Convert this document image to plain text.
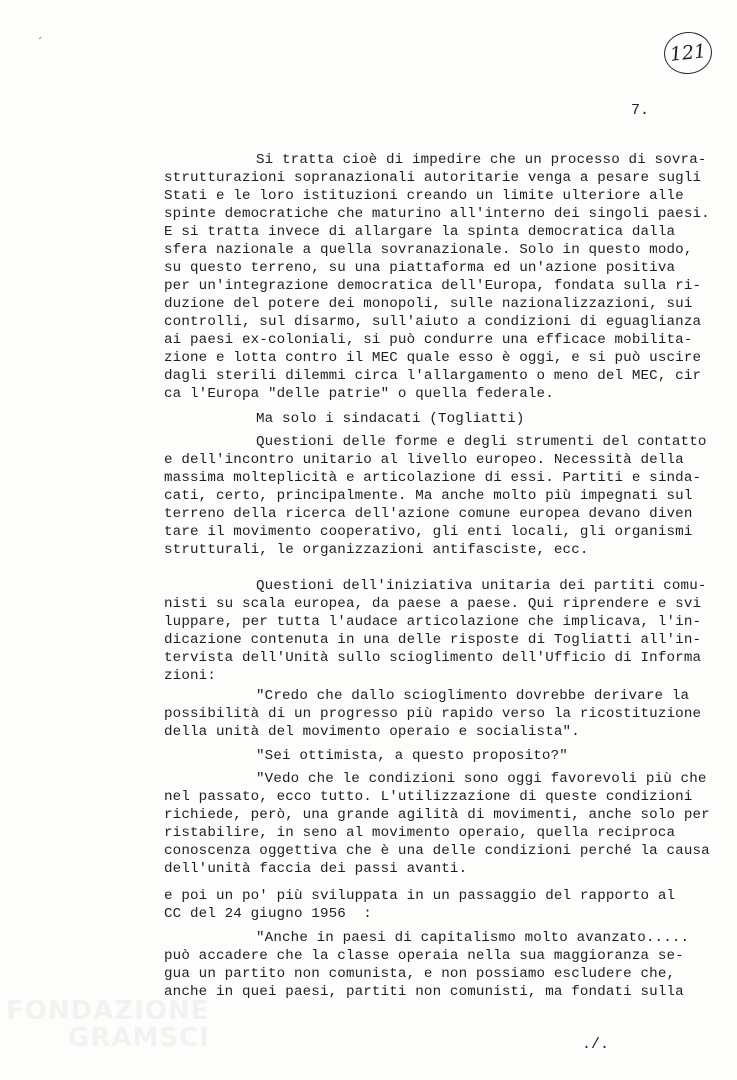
´	121
7.
Si tratta cioè di impedire che un processo di sovra-
strutturazioni sopranazionali autoritarie venga a pesare sugli
Stati e le loro istituzioni creando un limite ulteriore alle
spinte democratiche che maturino all'interno dei singoli paesi.
E si tratta invece di allargare la spinta democratica dalla
sfera nazionale a quella sovranazionale. Solo in questo modo,
su questo terreno, su una piattaforma ed un'azione positiva
per un'integrazione democratica dell'Europa, fondata sulla ri-
duzione del potere dei monopoli, sulle nazionalizzazioni, sui
controlli, sul disarmo, sull'aiuto a condizioni di eguaglianza
ai paesi ex-coloniali, si può condurre una efficace mobilita-
zione e lotta contro il MEC quale esso è oggi, e si può uscire
dagli sterili dilemmi circa l'allargamento o meno del MEC, cir
ca l'Europa "delle patrie" o quella federale.
Ma solo i sindacati (Togliatti)
Questioni delle forme e degli strumenti del contatto
e dell'incontro unitario al livello europeo. Necessità della
massima molteplicità e articolazione di essi. Partiti e sinda-
cati, certo, principalmente. Ma anche molto più impegnati sul
terreno della ricerca dell'azione comune europea devano diven
tare il movimento cooperativo, gli enti locali, gli organismi
strutturali, le organizzazioni antifasciste, ecc.
Questioni dell'iniziativa unitaria dei partiti comu-
nisti su scala europea, da paese a paese. Qui riprendere e svi
luppare, per tutta l'audace articolazione che implicava, l'in-
dicazione contenuta in una delle risposte di Togliatti all'in-
tervista dell'Unità sullo scioglimento dell'Ufficio di Informa
zioni:
"Credo che dallo scioglimento dovrebbe derivare la
possibilità di un progresso più rapido verso la ricostituzione
della unità del movimento operaio e socialista".
"Sei ottimista, a questo proposito?"
"Vedo che le condizioni sono oggi favorevoli più che
nel passato, ecco tutto. L'utilizzazione di queste condizioni
richiede, però, una grande agilità di movimenti, anche solo per
ristabilire, in seno al movimento operaio, quella reciproca
conoscenza oggettiva che è una delle condizioni perché la causa
dell'unità faccia dei passi avanti.
e poi un po' più sviluppata in un passaggio del rapporto al
CC del 24 giugno 1956  :
"Anche in paesi di capitalismo molto avanzato.....
può accadere che la classe operaia nella sua maggioranza se-
gua un partito non comunista, e non possiamo escludere che,
anche in quei paesi, partiti non comunisti, ma fondati sulla
./.
